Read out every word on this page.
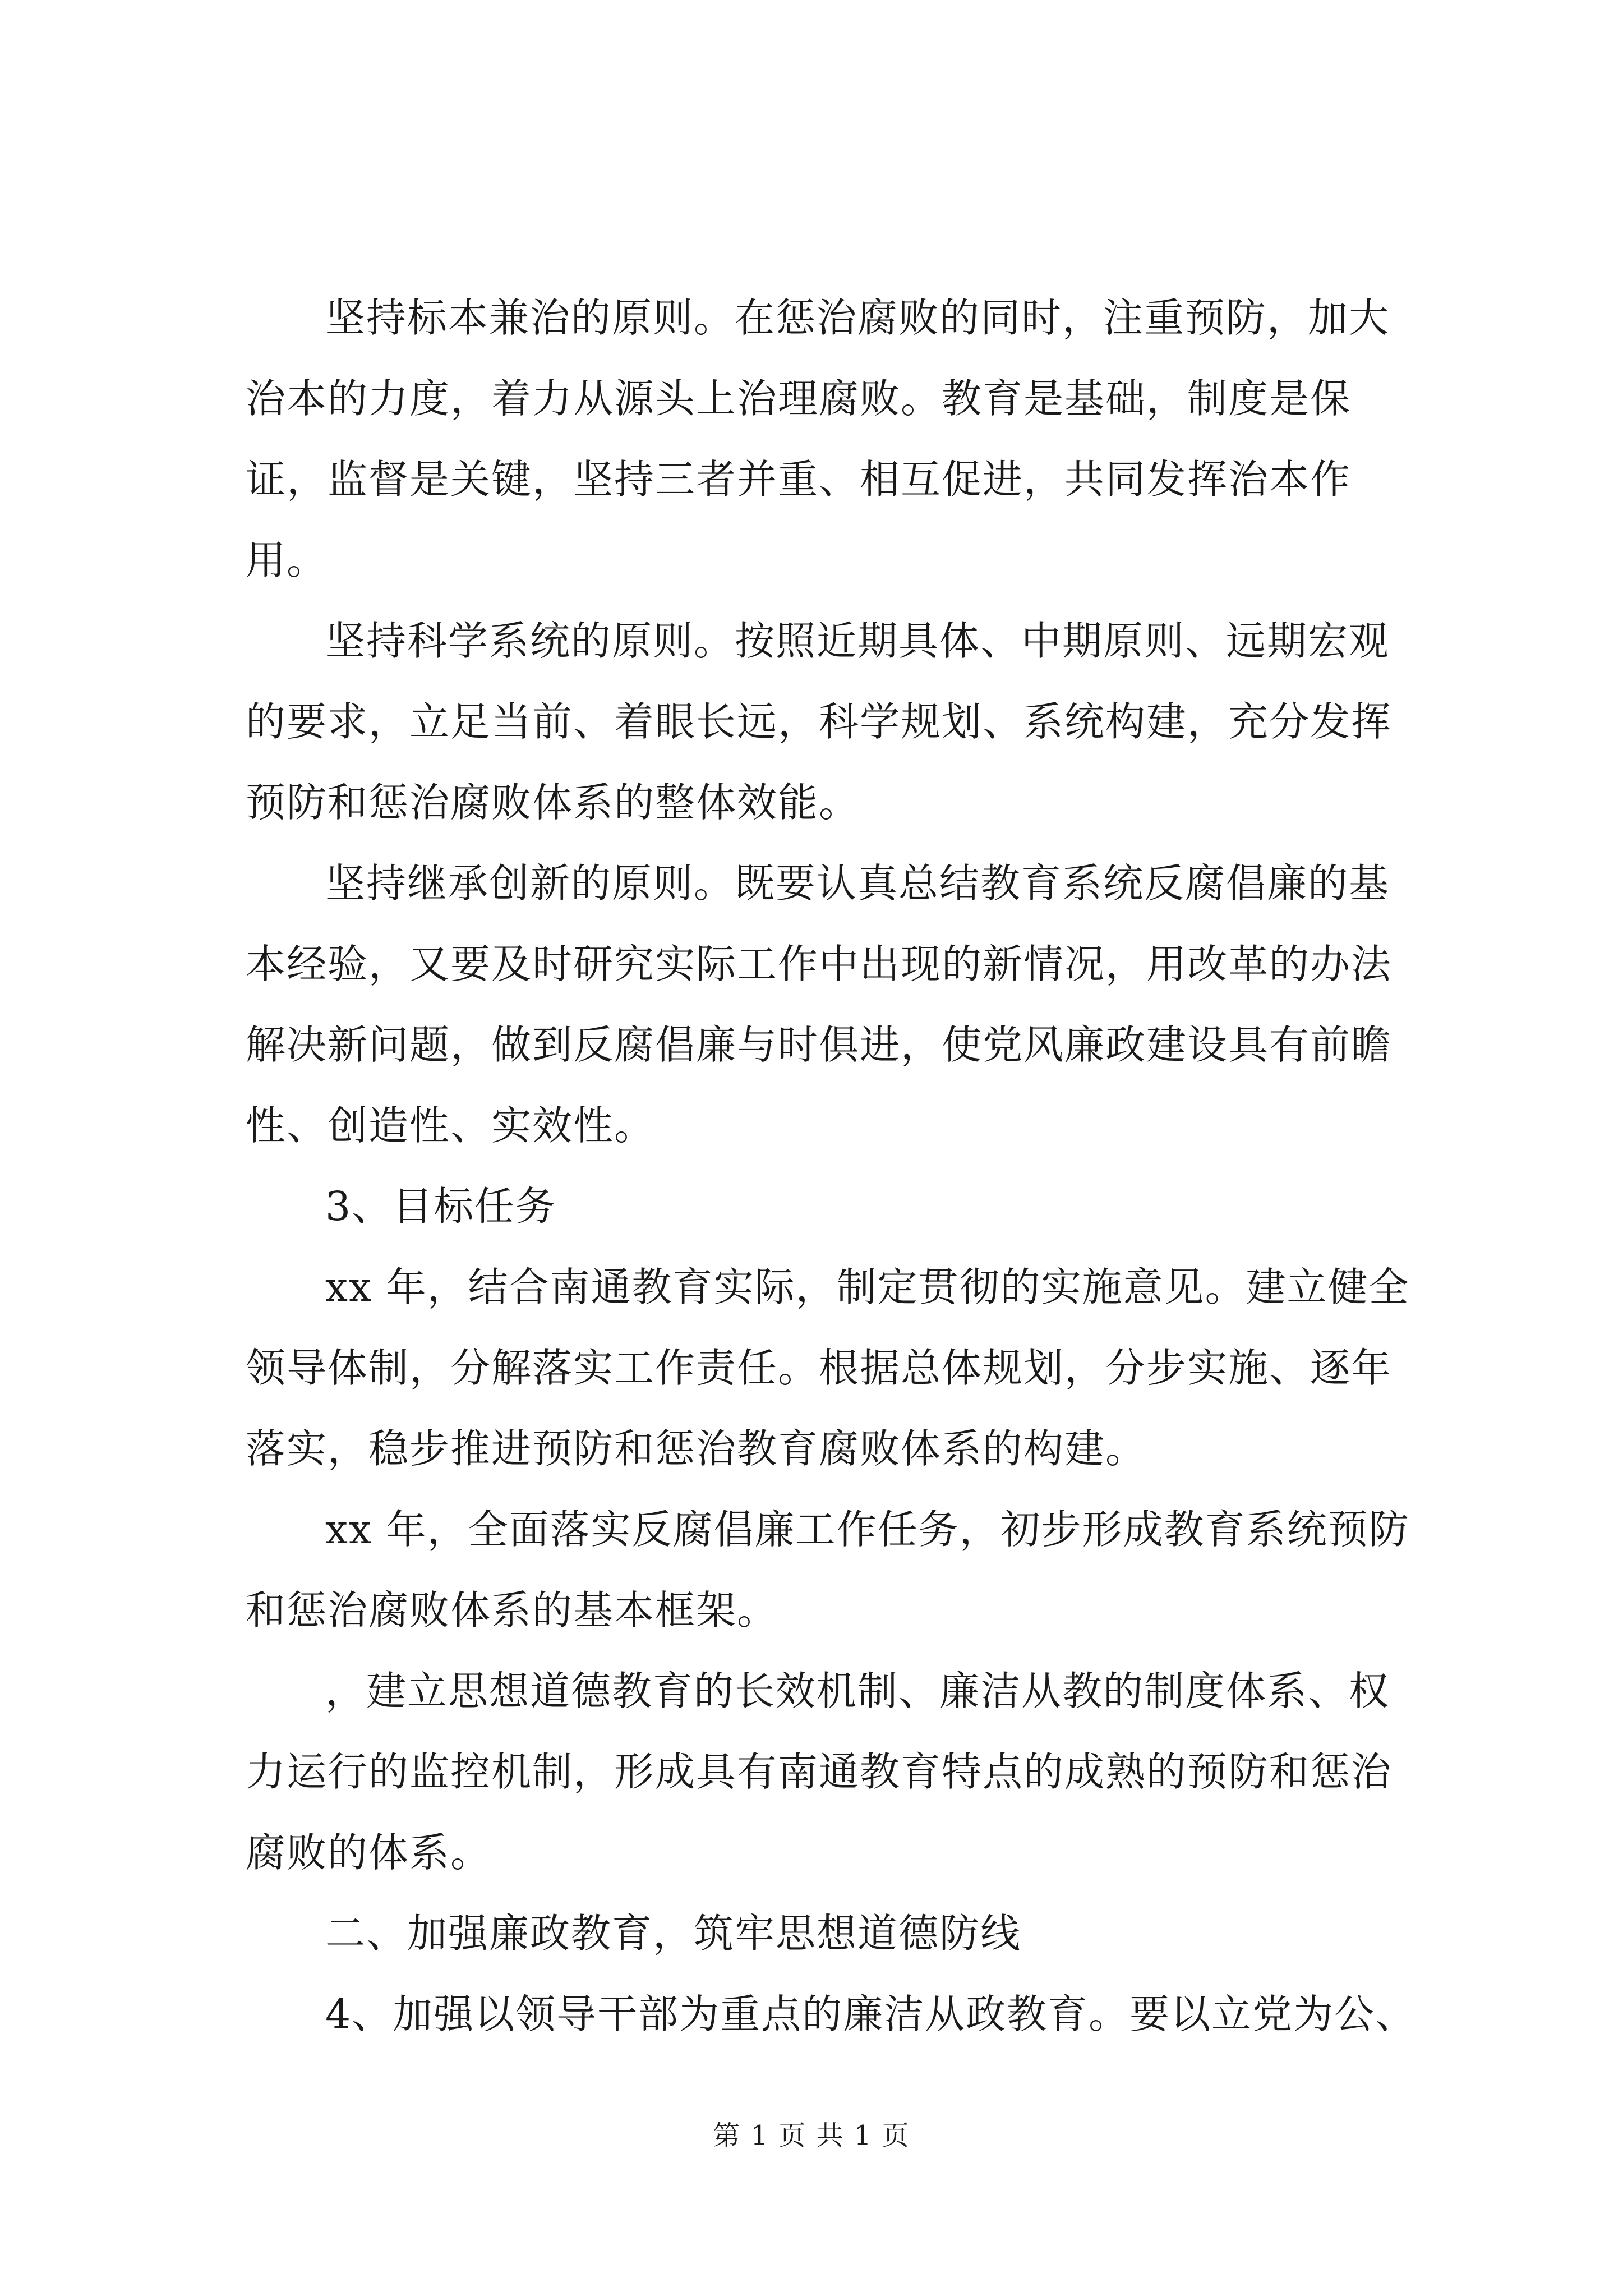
坚持标本兼治的原则。在惩治腐败的同时，注重预防，加大治本的力度，着力从源头上治理腐败。教育是基础，制度是保证，监督是关键，坚持三者并重、相互促进，共同发挥治本作用。

坚持科学系统的原则。按照近期具体、中期原则、远期宏观的要求，立足当前、着眼长远，科学规划、系统构建，充分发挥预防和惩治腐败体系的整体效能。

坚持继承创新的原则。既要认真总结教育系统反腐倡廉的基本经验，又要及时研究实际工作中出现的新情况，用改革的办法解决新问题，做到反腐倡廉与时俱进，使党风廉政建设具有前瞻性、创造性、实效性。

3、目标任务

xx 年，结合南通教育实际，制定贯彻的实施意见。建立健全领导体制，分解落实工作责任。根据总体规划，分步实施、逐年落实，稳步推进预防和惩治教育腐败体系的构建。

xx 年，全面落实反腐倡廉工作任务，初步形成教育系统预防和惩治腐败体系的基本框架。

，建立思想道德教育的长效机制、廉洁从教的制度体系、权力运行的监控机制，形成具有南通教育特点的成熟的预防和惩治腐败的体系。

二、加强廉政教育，筑牢思想道德防线

4、加强以领导干部为重点的廉洁从政教育。要以立党为公、

第 1 页 共 1 页
